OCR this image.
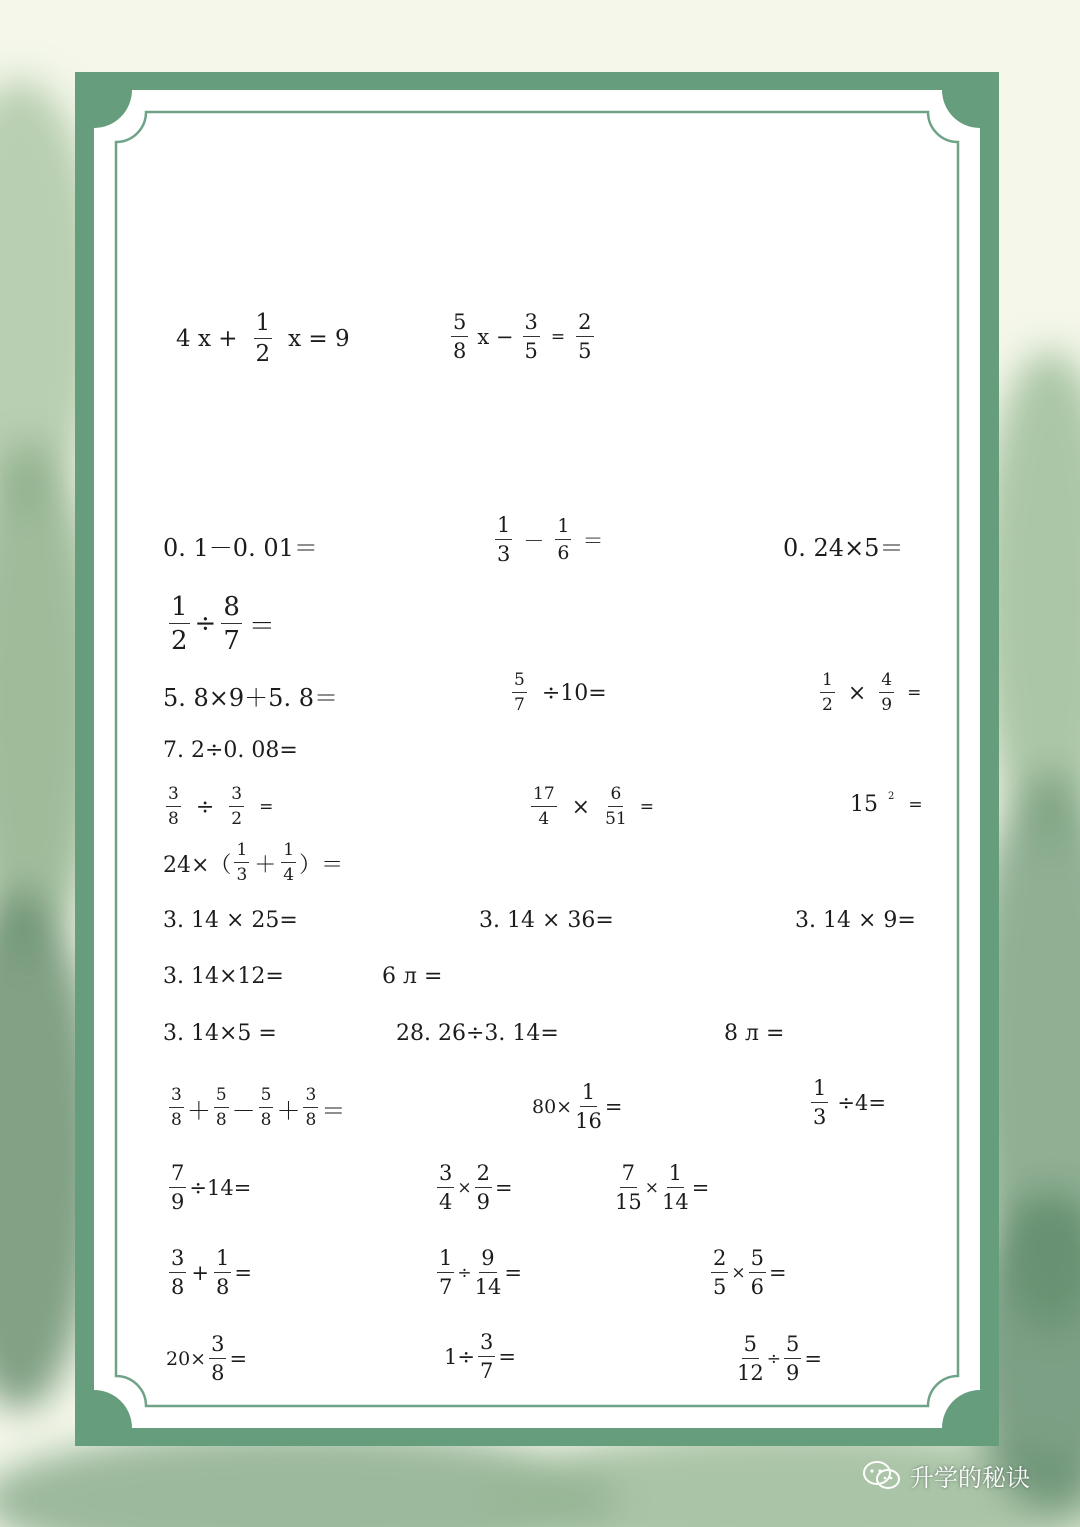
4 $x + \frac{1}{2}$ x = 9	$\frac{5}{8}$ $x - \frac{3}{5} = \frac{2}{5}$
0. 1－0. 01＝	$\frac{1}{3} - \frac{1}{6}$ ＝	0. 24×5＝
$\frac{1}{2} \div \frac{8}{7}$ ＝
5. 8×9＋5. 8＝	$\frac{5}{7} \div 10=$	$\frac{1}{2} \times \frac{4}{9}$ =
7. 2÷0. 08=
$\frac{3}{8} \div \frac{3}{2}$ =	$\frac{17}{4} \times \frac{6}{51}$ =	15 $^2$ =
$24\times( \frac{1}{3} + \frac{1}{4}$ ）＝
3. 14 × 25=	3. 14 × 36=	3. 14 × 9=
3. 14×12=	6 л =
3. 14×5 =	28. 26÷3. 14=	8 л =
$\frac{3}{8} + \frac{5}{8} - \frac{5}{8} + \frac{3}{8}$ ＝	$80\times \frac{1}{16}$ =	$\frac{1}{3} \div 4=$
$\frac{7}{9} \div 14=$	$\frac{3}{4} \times \frac{2}{9}$ =	$\frac{7}{15} \times \frac{1}{14}$ =
$\frac{3}{8} + \frac{1}{8}$ =	$\frac{1}{7} \div \frac{9}{14}$ =	$\frac{2}{5} \times \frac{5}{6}$ =
$20\times \frac{3}{8}$ =	$1\div \frac{3}{7}$ =	$\frac{5}{12} \div \frac{5}{9}$ =
升学的秘诀
